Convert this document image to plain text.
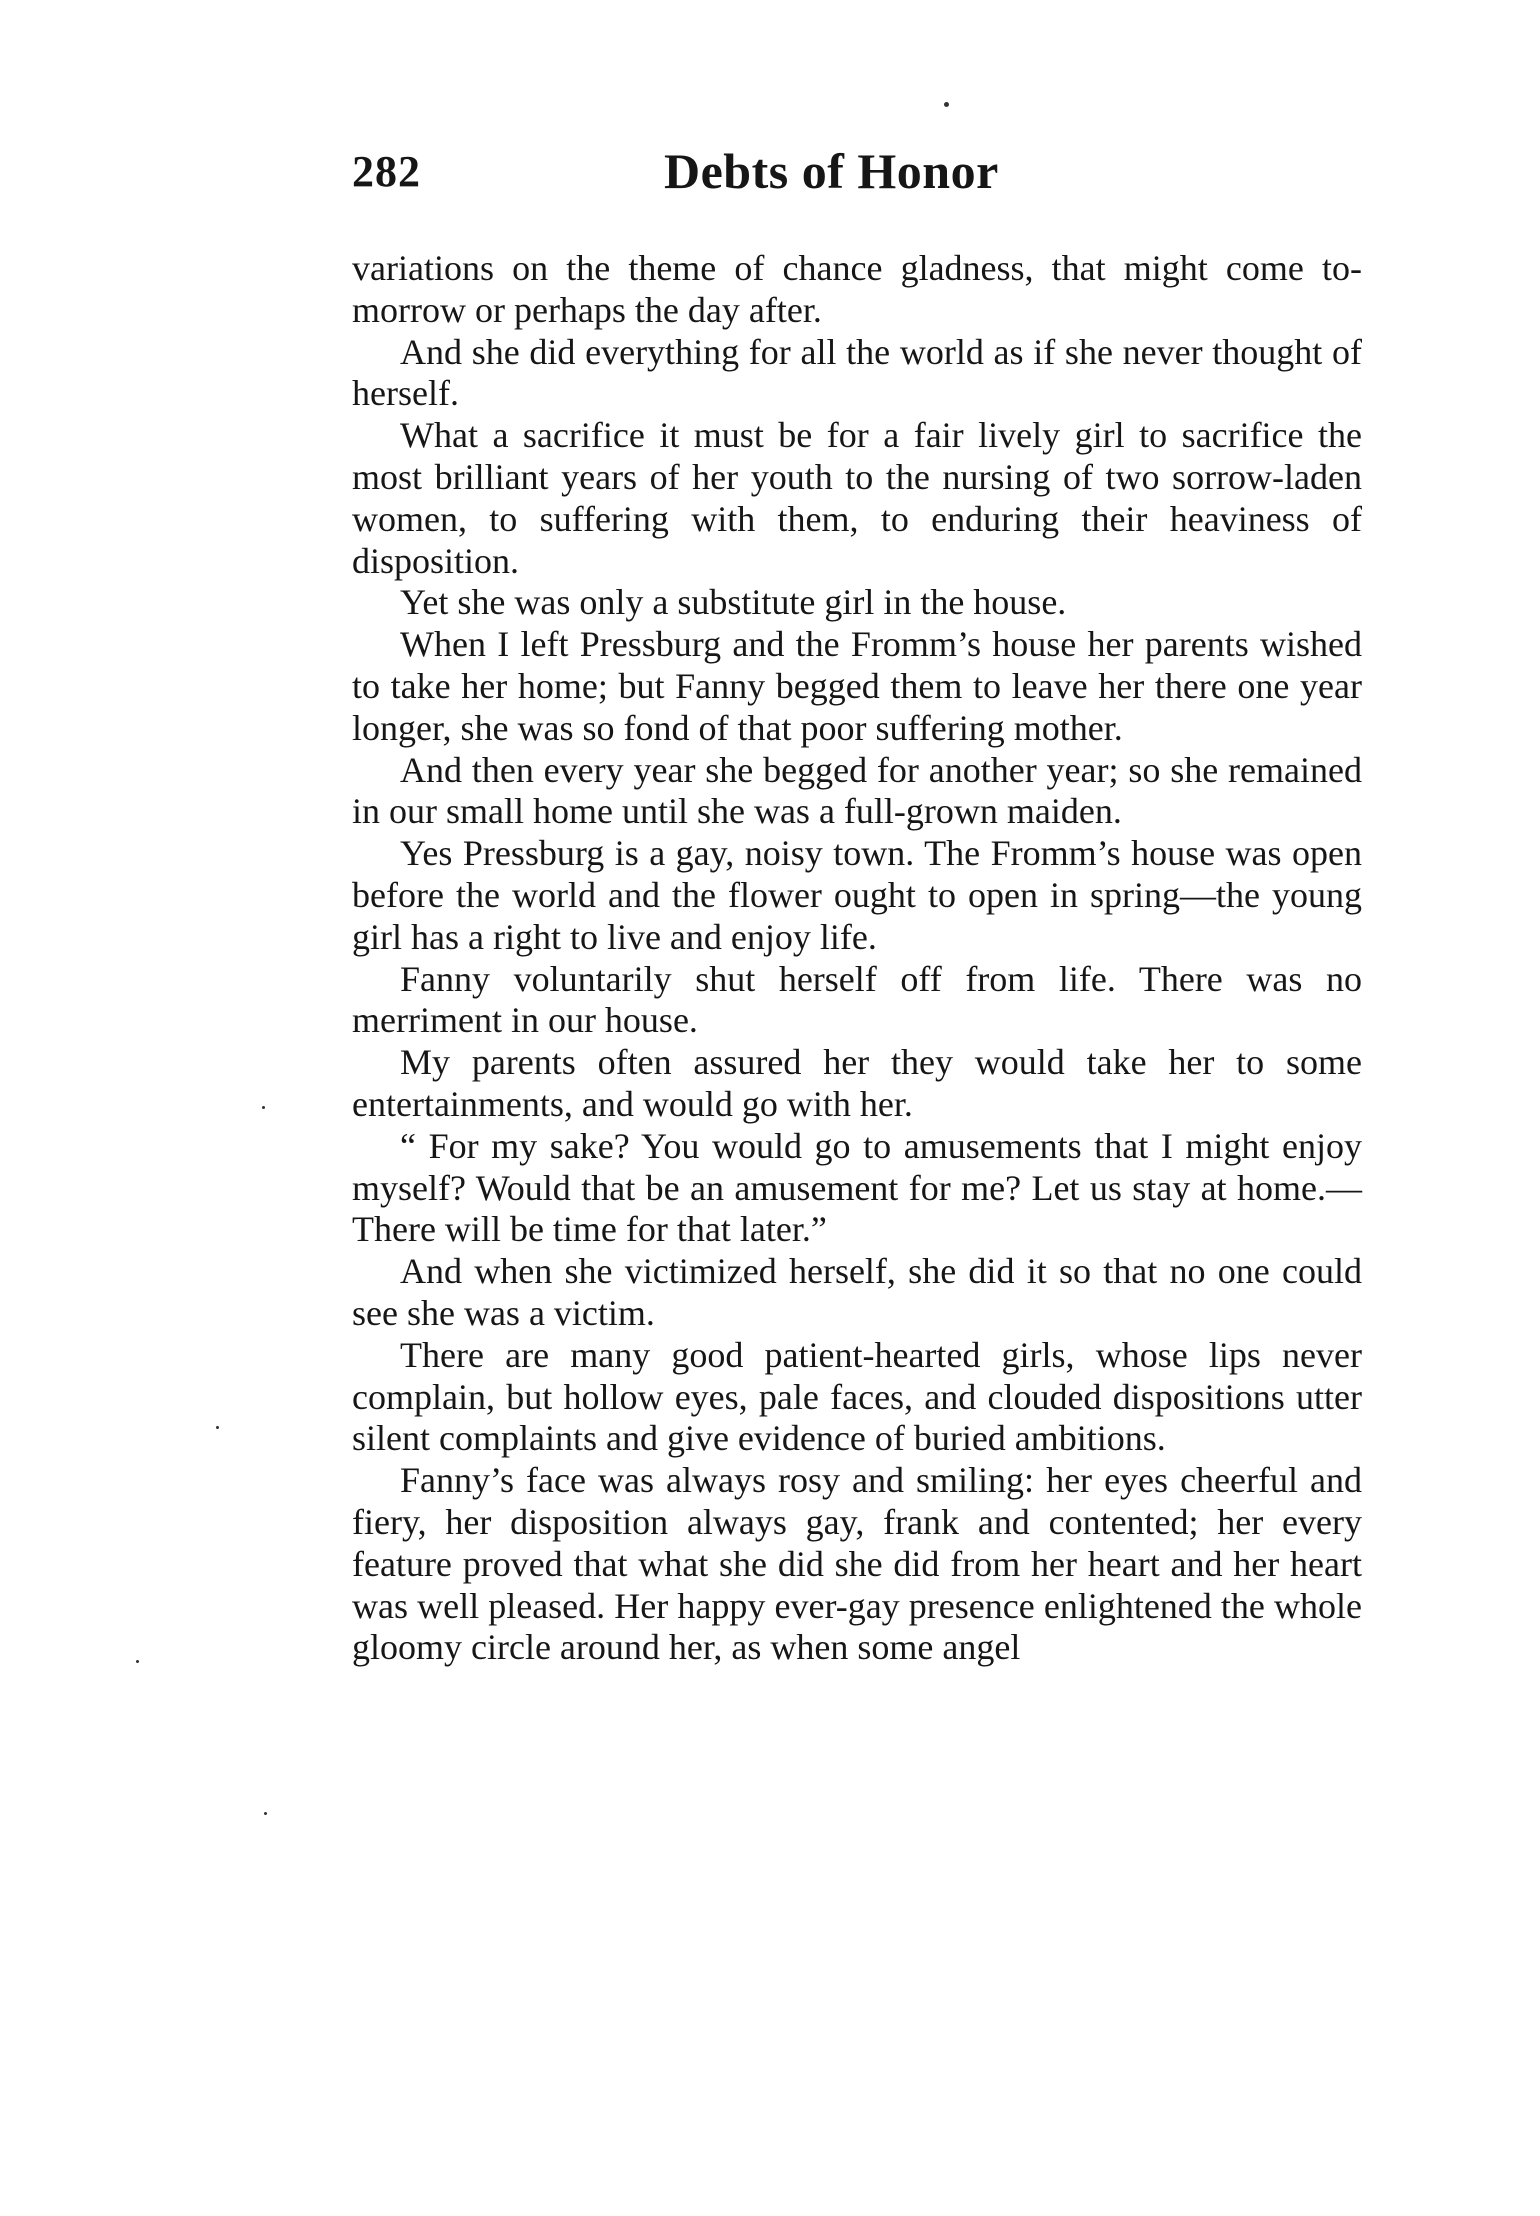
282	Debts of Honor

variations on the theme of chance gladness, that might come to-morrow or perhaps the day after.

And she did everything for all the world as if she never thought of herself.

What a sacrifice it must be for a fair lively girl to sacrifice the most brilliant years of her youth to the nursing of two sorrow-laden women, to suffering with them, to enduring their heaviness of disposition.

Yet she was only a substitute girl in the house.

When I left Pressburg and the Fromm’s house her parents wished to take her home; but Fanny begged them to leave her there one year longer, she was so fond of that poor suffering mother.

And then every year she begged for another year; so she remained in our small home until she was a full-grown maiden.

Yes Pressburg is a gay, noisy town. The Fromm’s house was open before the world and the flower ought to open in spring—the young girl has a right to live and enjoy life.

Fanny voluntarily shut herself off from life. There was no merriment in our house.

My parents often assured her they would take her to some entertainments, and would go with her.

“ For my sake? You would go to amusements that I might enjoy myself? Would that be an amusement for me? Let us stay at home.—There will be time for that later.”

And when she victimized herself, she did it so that no one could see she was a victim.

There are many good patient-hearted girls, whose lips never complain, but hollow eyes, pale faces, and clouded dispositions utter silent complaints and give evidence of buried ambitions.

Fanny’s face was always rosy and smiling: her eyes cheerful and fiery, her disposition always gay, frank and contented; her every feature proved that what she did she did from her heart and her heart was well pleased. Her happy ever-gay presence enlightened the whole gloomy circle around her, as when some angel
